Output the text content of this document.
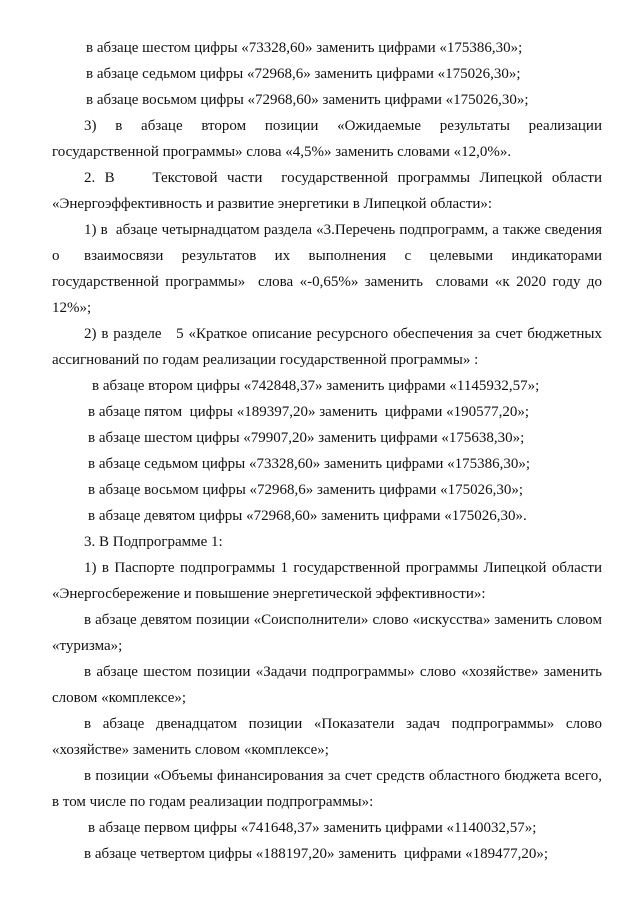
в абзаце шестом цифры «73328,60» заменить цифрами «175386,30»;
в абзаце седьмом цифры «72968,6» заменить цифрами «175026,30»;
в абзаце восьмом цифры «72968,60» заменить цифрами «175026,30»;
3)    в    абзаце    втором    позиции    «Ожидаемые    результаты    реализации
государственной программы» слова «4,5%» заменить словами «12,0%».
2. В    Текстовой части  государственной программы Липецкой области
«Энергоэффективность и развитие энергетики в Липецкой области»:
1) в  абзаце четырнадцатом раздела «3.Перечень подпрограмм, а также сведения
о    взаимосвязи   результатов   их   выполнения   с   целевыми   индикаторами
государственной программы»  слова «-0,65%» заменить  словами «к 2020 году до
12%»;
2) в разделе   5 «Краткое описание ресурсного обеспечения за счет бюджетных
ассигнований по годам реализации государственной программы» :
в абзаце втором цифры «742848,37» заменить цифрами «1145932,57»;
в абзаце пятом  цифры «189397,20» заменить  цифрами «190577,20»;
в абзаце шестом цифры «79907,20» заменить цифрами «175638,30»;
в абзаце седьмом цифры «73328,60» заменить цифрами «175386,30»;
в абзаце восьмом цифры «72968,6» заменить цифрами «175026,30»;
в абзаце девятом цифры «72968,60» заменить цифрами «175026,30».
3. В Подпрограмме 1:
1) в Паспорте подпрограммы 1 государственной программы Липецкой области
«Энергосбережение и повышение энергетической эффективности»:
в абзаце девятом позиции «Соисполнители» слово «искусства» заменить словом
«туризма»;
в абзаце шестом позиции «Задачи подпрограммы» слово «хозяйстве» заменить
словом «комплексе»;
в   абзаце   двенадцатом   позиции   «Показатели   задач   подпрограммы»   слово
«хозяйстве» заменить словом «комплексе»;
в позиции «Объемы финансирования за счет средств областного бюджета всего,
в том числе по годам реализации подпрограммы»:
в абзаце первом цифры «741648,37» заменить цифрами «1140032,57»;
в абзаце четвертом цифры «188197,20» заменить  цифрами «189477,20»;
